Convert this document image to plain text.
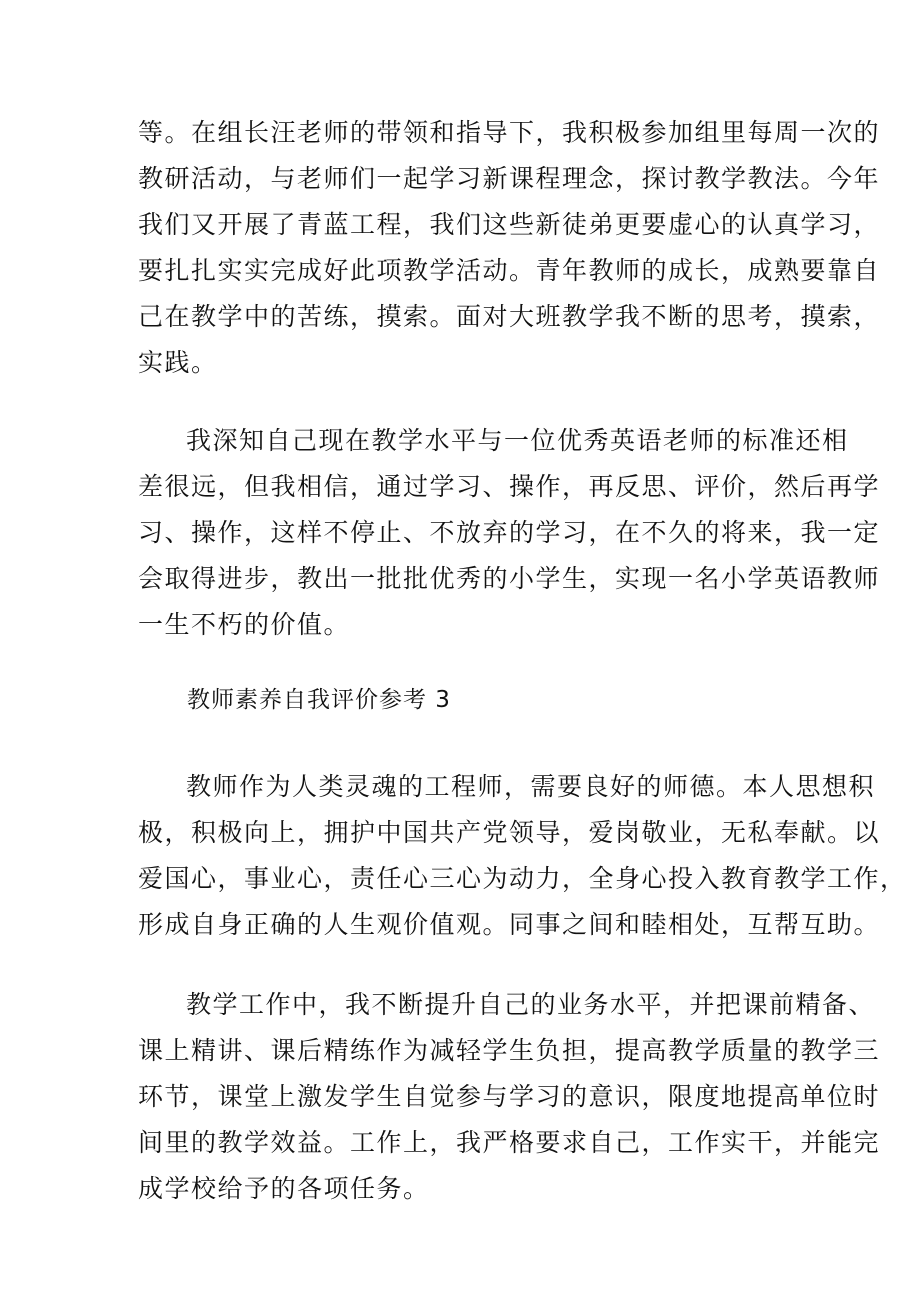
等。在组长汪老师的带领和指导下，我积极参加组里每周一次的
教研活动，与老师们一起学习新课程理念，探讨教学教法。今年
我们又开展了青蓝工程，我们这些新徒弟更要虚心的认真学习，
要扎扎实实完成好此项教学活动。青年教师的成长，成熟要靠自
己在教学中的苦练，摸索。面对大班教学我不断的思考，摸索，
实践。
我深知自己现在教学水平与一位优秀英语老师的标准还相
差很远，但我相信，通过学习、操作，再反思、评价，然后再学
习、操作，这样不停止、不放弃的学习，在不久的将来，我一定
会取得进步，教出一批批优秀的小学生，实现一名小学英语教师
一生不朽的价值。
教师素养自我评价参考 3
教师作为人类灵魂的工程师，需要良好的师德。本人思想积
极，积极向上，拥护中国共产党领导，爱岗敬业，无私奉献。以
爱国心，事业心，责任心三心为动力，全身心投入教育教学工作，
形成自身正确的人生观价值观。同事之间和睦相处，互帮互助。
教学工作中，我不断提升自己的业务水平，并把课前精备、
课上精讲、课后精练作为减轻学生负担，提高教学质量的教学三
环节，课堂上激发学生自觉参与学习的意识，限度地提高单位时
间里的教学效益。工作上，我严格要求自己，工作实干，并能完
成学校给予的各项任务。
